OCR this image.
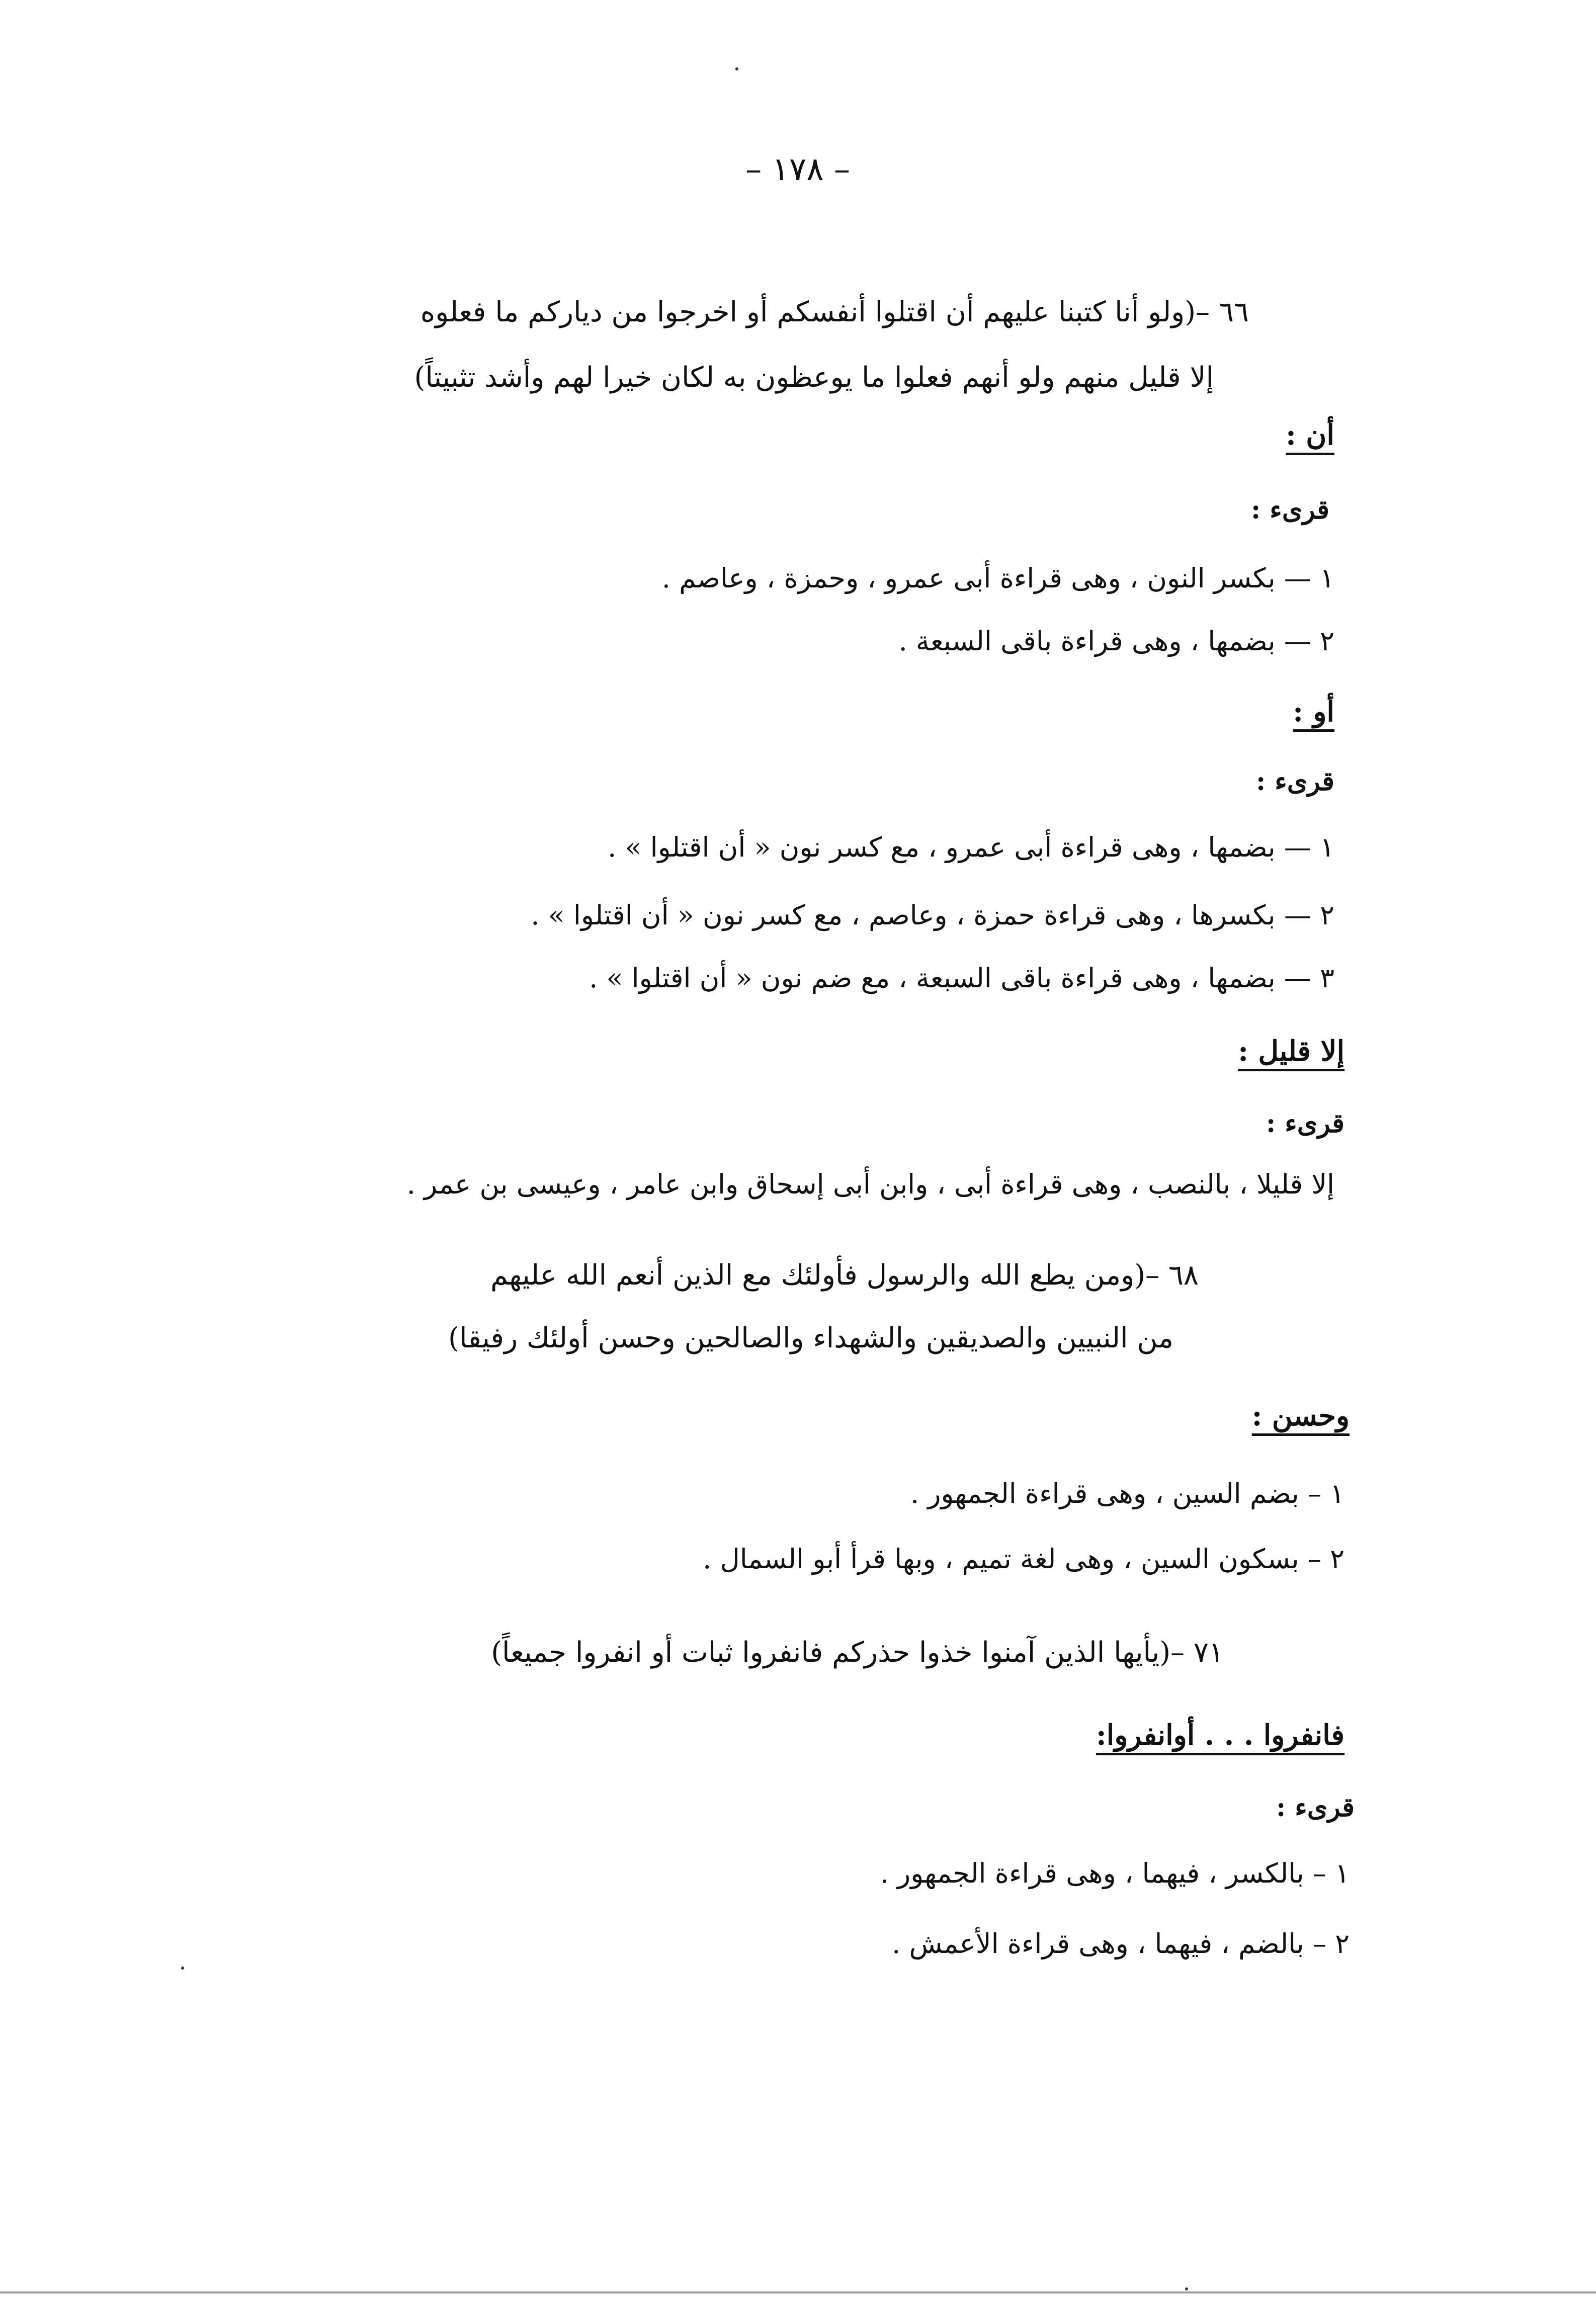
– ١٧٨ –
٦٦ –(ولو أنا كتبنا عليهم أن اقتلوا أنفسكم أو اخرجوا من دياركم ما فعلوه
إلا قليل منهم ولو أنهم فعلوا ما يوعظون به لكان خيرا لهم وأشد تثبيتاً)
أن :
قرىء :
١ — بكسر النون ، وهى قراءة أبى عمرو ، وحمزة ، وعاصم .
٢ — بضمها ، وهى قراءة باقى السبعة .
أو :
قرىء :
١ — بضمها ، وهى قراءة أبى عمرو ، مع كسر نون « أن اقتلوا » .
٢ — بكسرها ، وهى قراءة حمزة ، وعاصم ، مع كسر نون « أن اقتلوا » .
٣ — بضمها ، وهى قراءة باقى السبعة ، مع ضم نون « أن اقتلوا » .
إلا قليل :
قرىء :
إلا قليلا ، بالنصب ، وهى قراءة أبى ، وابن أبى إسحاق وابن عامر ، وعيسى بن عمر .
٦٨ –(ومن يطع الله والرسول فأولئك مع الذين أنعم الله عليهم
من النبيين والصديقين والشهداء والصالحين وحسن أولئك رفيقا)
وحسن :
١ – بضم السين ، وهى قراءة الجمهور .
٢ – بسكون السين ، وهى لغة تميم ، وبها قرأ أبو السمال .
٧١ –(يأيها الذين آمنوا خذوا حذركم فانفروا ثبات أو انفروا جميعاً)
فانفروا . . . أوانفروا:
قرىء :
١ – بالكسر ، فيهما ، وهى قراءة الجمهور .
٢ – بالضم ، فيهما ، وهى قراءة الأعمش .
